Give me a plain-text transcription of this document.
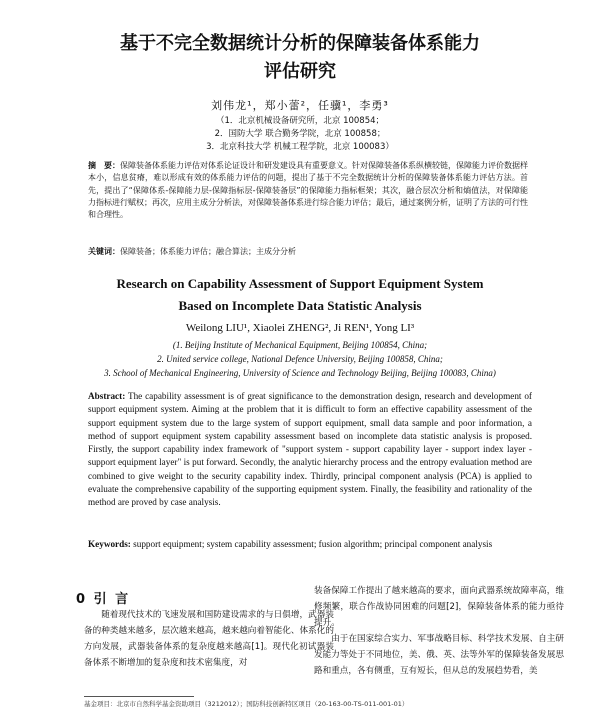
基于不完全数据统计分析的保障装备体系能力
评估研究
刘伟龙¹，郑小蕾²，任骥¹，李勇³
（1．北京机械设备研究所，北京 100854；
2．国防大学 联合勤务学院，北京 100858；
3．北京科技大学 机械工程学院，北京 100083）
摘　要：保障装备体系能力评估对体系论证设计和研发建设具有重要意义。针对保障装备体系纵横较链，保障能力评价数据样本小，信息贫瘠，难以形成有效的体系能力评估的问题，提出了基于不完全数据统计分析的保障装备体系能力评估方法。首先，提出了“保障体系-保障能力层-保障指标层-保障装备层”的保障能力指标框架；其次，融合层次分析和熵值法，对保障能力指标进行赋权；再次，应用主成分分析法，对保障装备体系进行综合能力评估；最后，通过案例分析，证明了方法的可行性和合理性。
关键词：保障装备；体系能力评估；融合算法；主成分分析
Research on Capability Assessment of Support Equipment System
Based on Incomplete Data Statistic Analysis
Weilong LIU¹, Xiaolei ZHENG², Ji REN¹, Yong LI³
(1. Beijing Institute of Mechanical Equipment, Beijing 100854, China;
2. United service college, National Defence University, Beijing 100858, China;
3. School of Mechanical Engineering, University of Science and Technology Beijing, Beijing 100083, China)
Abstract: The capability assessment is of great significance to the demonstration design, research and development of support equipment system. Aiming at the problem that it is difficult to form an effective capability assessment of the support equipment system due to the large system of support equipment, small data sample and poor information, a method of support equipment system capability assessment based on incomplete data statistic analysis is proposed. Firstly, the support capability index framework of "support system - support capability layer - support index layer - support equipment layer" is put forward. Secondly, the analytic hierarchy process and the entropy evaluation method are combined to give weight to the security capability index. Thirdly, principal component analysis (PCA) is applied to evaluate the comprehensive capability of the supporting equipment system. Finally, the feasibility and rationality of the method are proved by case analysis.
Keywords: support equipment; system capability assessment; fusion algorithm; principal component analysis
0 引 言

随着现代技术的飞速发展和国防建设需求的与日俱增，武器装备的种类越来越多，层次越来越高，越来越向着智能化、体系化的方向发展，武器装备体系的复杂度越来越高[1]。现代化初试器装备体系不断增加的复杂度和技术密集度，对

装备保障工作提出了越来越高的要求，面向武器系统故障率高，维修频繁，联合作战协同困难的问题[2]，保障装备体系的能力亟待提升。

由于在国家综合实力、军事战略目标、科学技术发展、自主研发能力等处于不同地位，美、俄、英、法等外军的保障装备发展思路和重点，各有侧重，互有短长，但从总的发展趋势看，美

基金项目：北京市自然科学基金资助项目（3212012）；国防科技创新特区项目（20-163-00-TS-011-001-01）
